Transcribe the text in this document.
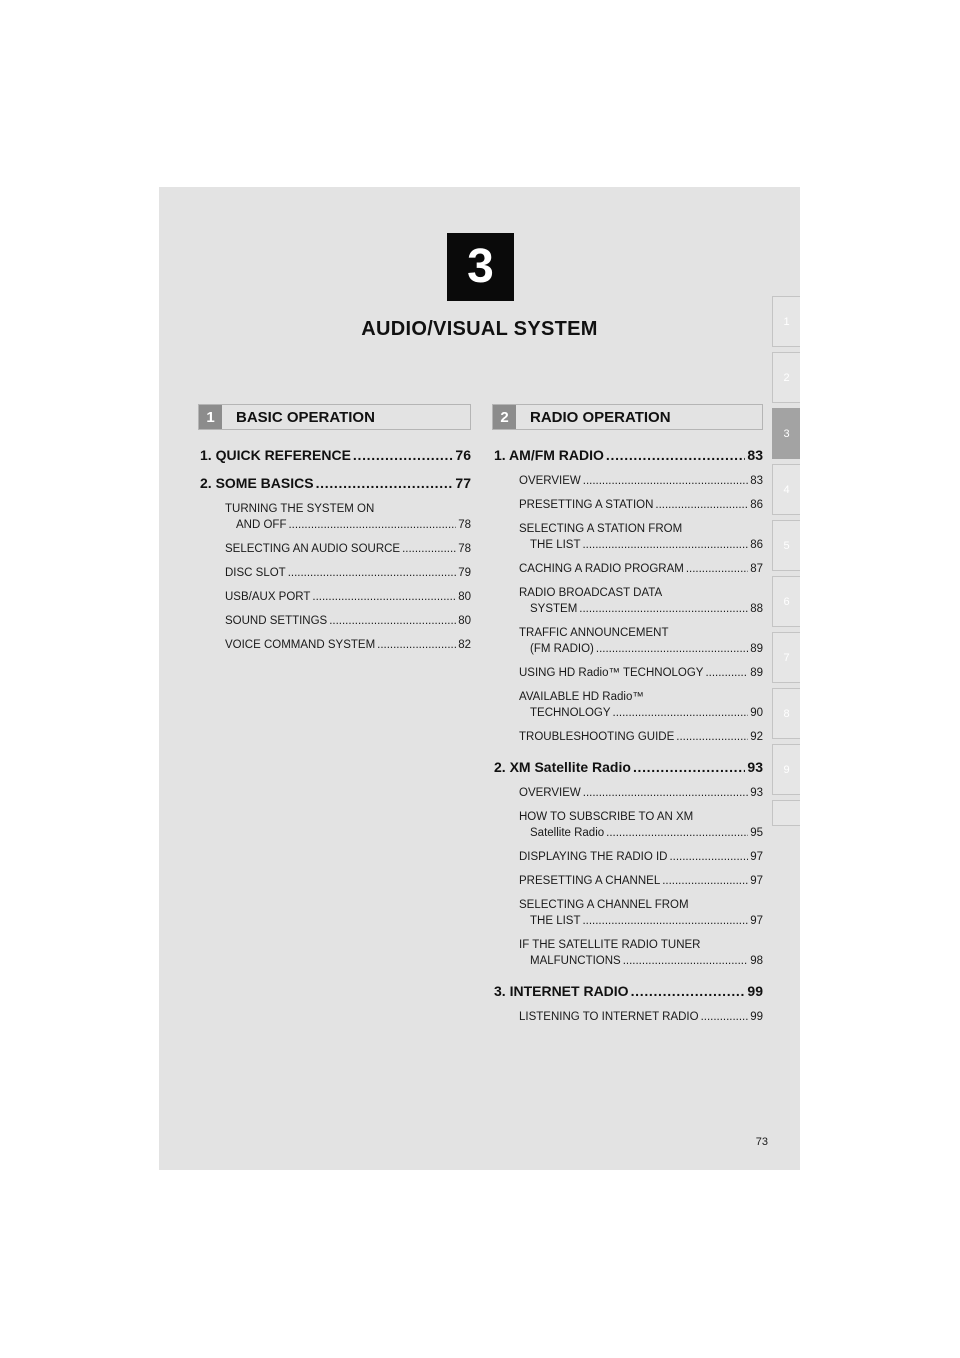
3
AUDIO/VISUAL SYSTEM	1
2
3
4
5
6
7
8
9
1	BASIC OPERATION
1. QUICK REFERENCE . . .	76
2. SOME BASICS . . .	77
TURNING THE SYSTEM ON
AND OFF . . .	78
SELECTING AN AUDIO SOURCE . . .	78
DISC SLOT . . .	79
USB/AUX PORT . . .	80
SOUND SETTINGS . . .	80
VOICE COMMAND SYSTEM . . .	82
2	RADIO OPERATION
1. AM/FM RADIO . . .	83
OVERVIEW . . .	83
PRESETTING A STATION . . .	86
SELECTING A STATION FROM
THE LIST . . .	86
CACHING A RADIO PROGRAM . . .	87
RADIO BROADCAST DATA
SYSTEM . . .	88
TRAFFIC ANNOUNCEMENT
(FM RADIO) . . .	89
USING HD Radio™ TECHNOLOGY . . .	89
AVAILABLE HD Radio™
TECHNOLOGY . . .	90
TROUBLESHOOTING GUIDE . . .	92
2. XM Satellite Radio . . .	93
OVERVIEW . . .	93
HOW TO SUBSCRIBE TO AN XM
Satellite Radio . . .	95
DISPLAYING THE RADIO ID . . .	97
PRESETTING A CHANNEL . . .	97
SELECTING A CHANNEL FROM
THE LIST . . .	97
IF THE SATELLITE RADIO TUNER
MALFUNCTIONS . . .	98
3. INTERNET RADIO . . .	99
LISTENING TO INTERNET RADIO . . .	99
73
